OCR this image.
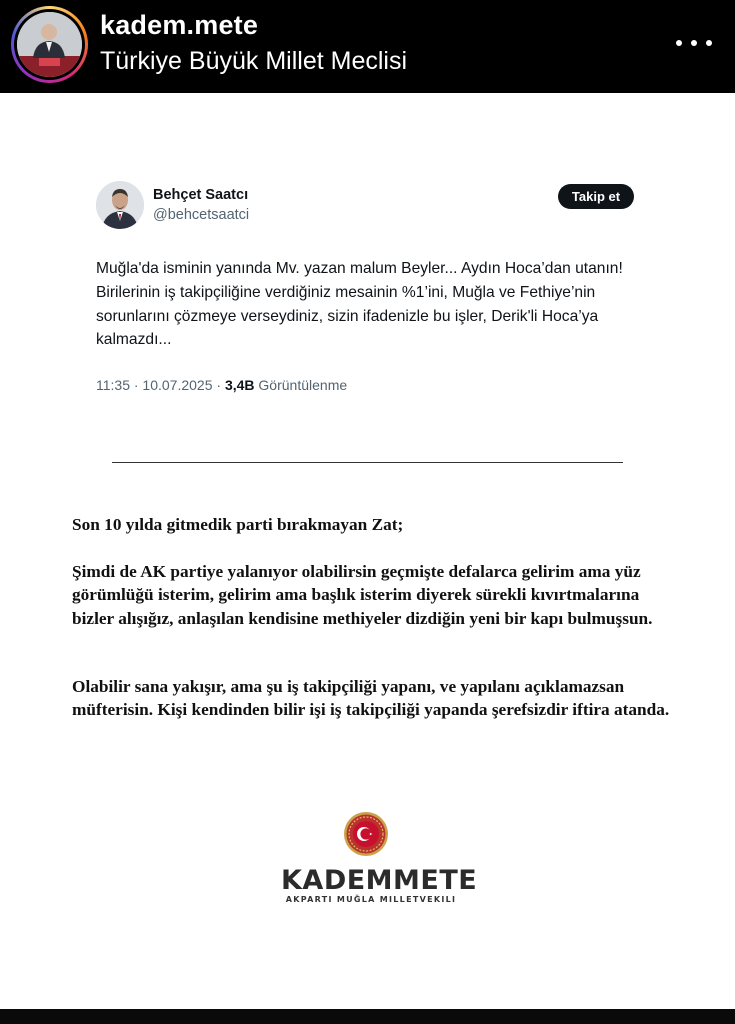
kadem.mete
Türkiye Büyük Millet Meclisi
Behçet Saatcı
@behcetsaatci
Takip et
Muğla'da isminin yanında Mv. yazan malum Beyler... Aydın Hoca’dan utanın! Birilerinin iş takipçiliğine verdiğiniz mesainin %1’ini, Muğla ve Fethiye’nin sorunlarını çözmeye verseydiniz, sizin ifadenizle bu işler, Derik'li Hoca’ya kalmazdı...
11:35 · 10.07.2025 · 3,4B Görüntülenme
Son 10 yılda gitmedik parti bırakmayan Zat;
Şimdi de AK partiye yalanıyor olabilirsin geçmişte defalarca gelirim ama yüz görümlüğü isterim, gelirim ama başlık isterim diyerek sürekli kıvırtmalarına bizler alışığız, anlaşılan kendisine methiyeler dizdiğin yeni bir kapı bulmuşsun.
Olabilir sana yakışır, ama şu iş takipçiliği yapanı, ve yapılanı açıklamazsan müfterisin. Kişi kendinden bilir işi iş takipçiliği yapanda şerefsizdir iftira atanda.
KADEMMETE
AKPARTI MUĞLA MILLETVEKILI
